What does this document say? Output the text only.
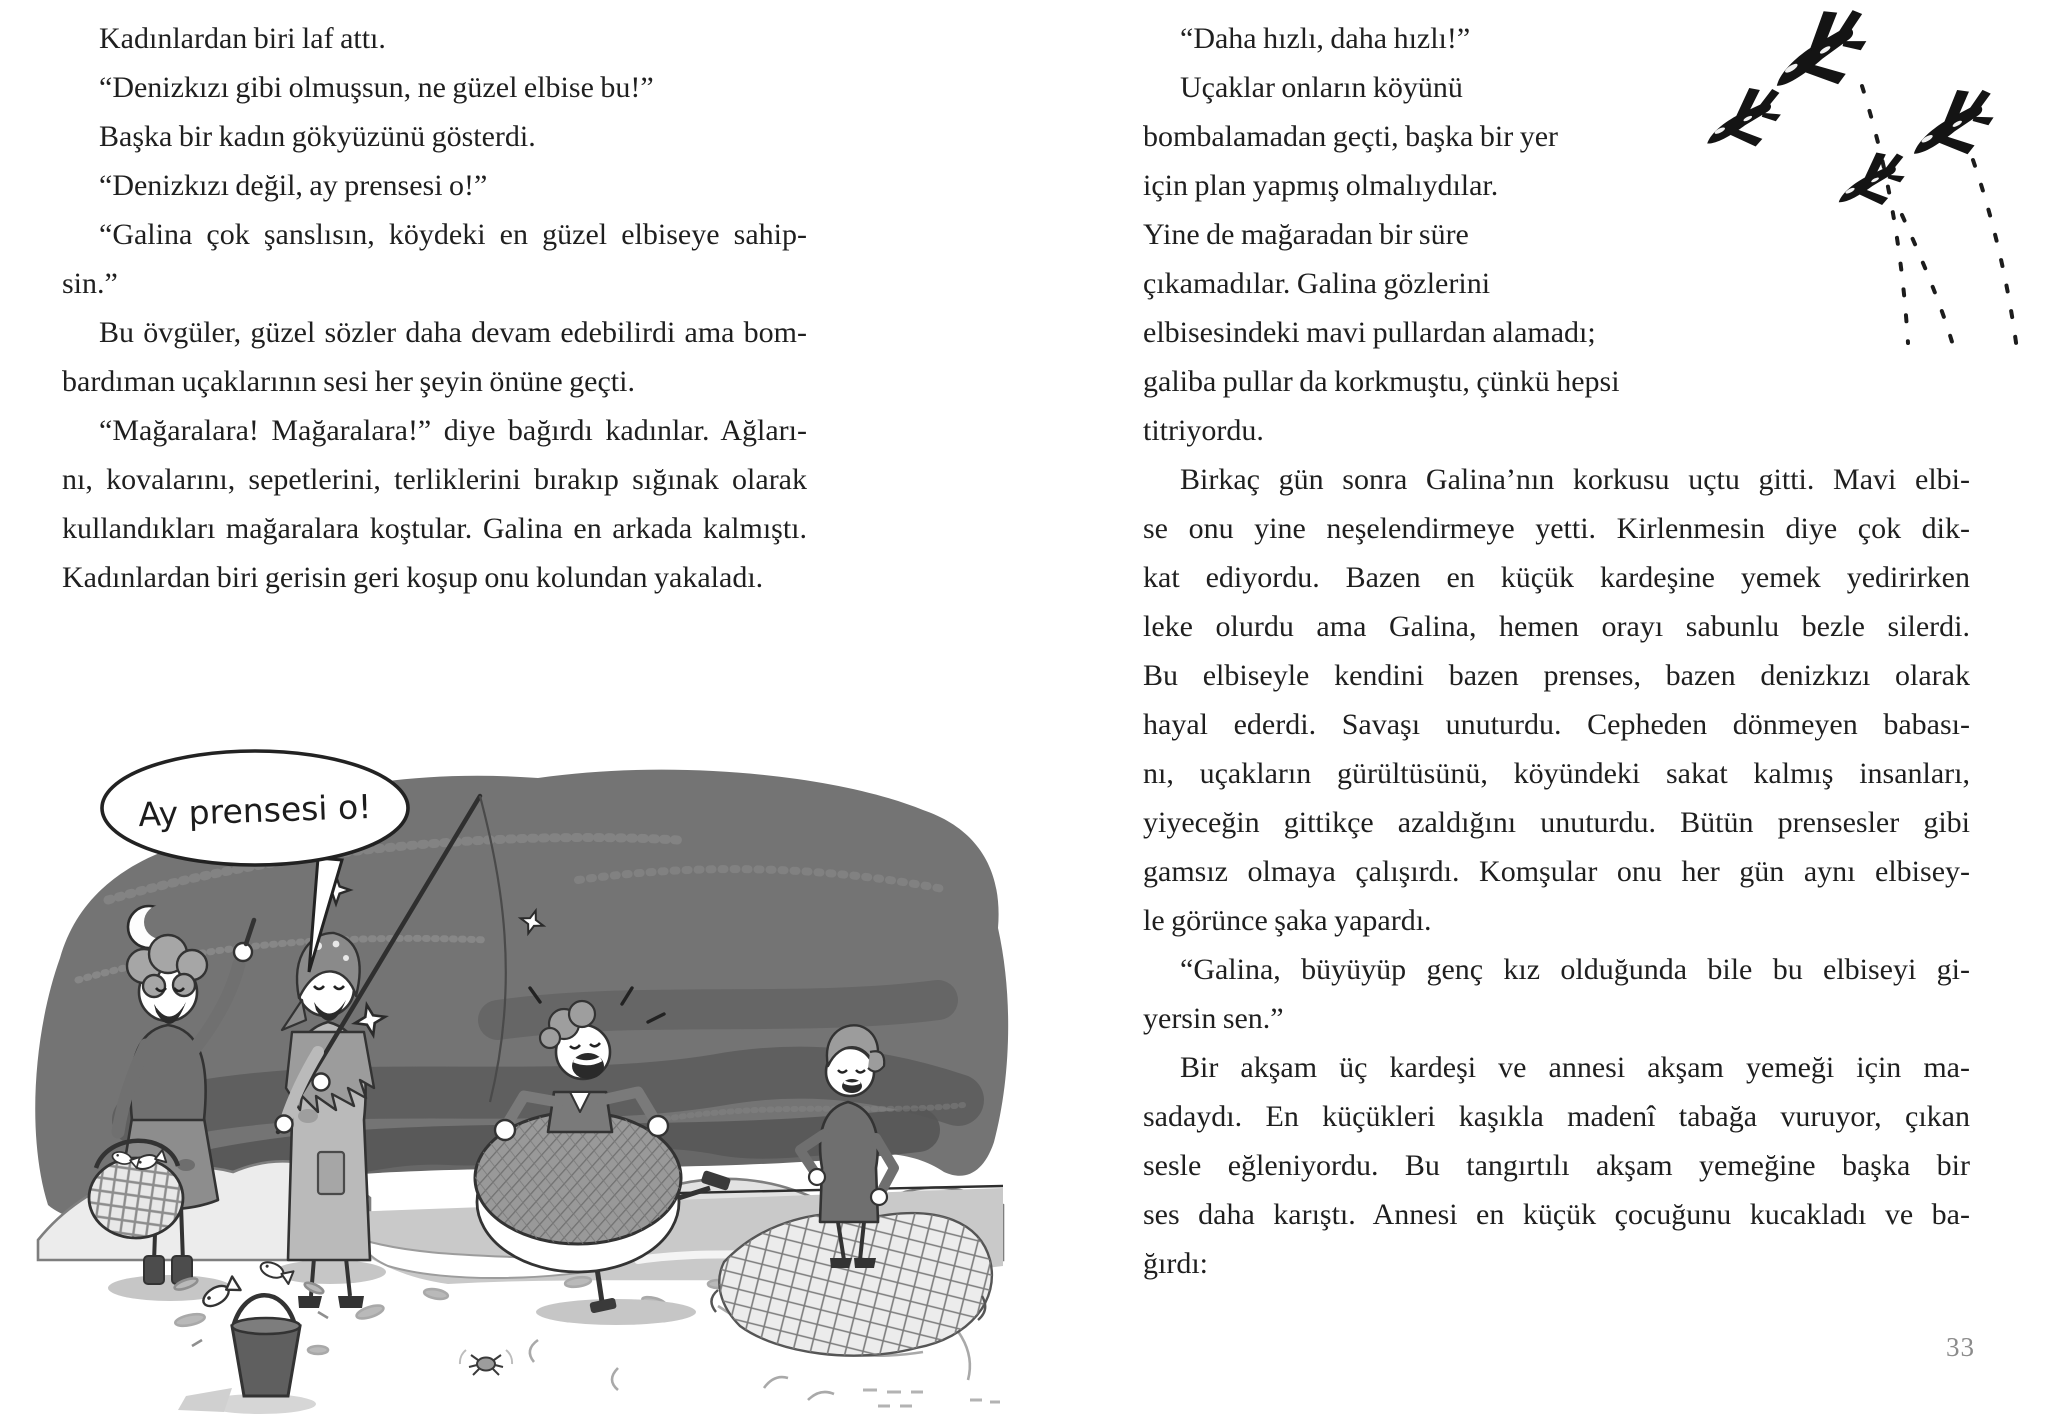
Kadınlardan biri laf attı.
“Denizkızı gibi olmuşsun, ne güzel elbise bu!”
Başka bir kadın gökyüzünü gösterdi.
“Denizkızı değil, ay prensesi o!”
“Galina çok şanslısın, köydeki en güzel elbiseye sahip-
sin.”
Bu övgüler, güzel sözler daha devam edebilirdi ama bom-
bardıman uçaklarının sesi her şeyin önüne geçti.
“Mağaralara! Mağaralara!” diye bağırdı kadınlar. Ağları-
nı, kovalarını, sepetlerini, terliklerini bırakıp sığınak olarak
kullandıkları mağaralara koştular. Galina en arkada kalmıştı.
Kadınlardan biri gerisin geri koşup onu kolundan yakaladı.
“Daha hızlı, daha hızlı!”
Uçaklar onların köyünü
bombalamadan geçti, başka bir yer
için plan yapmış olmalıydılar.
Yine de mağaradan bir süre
çıkamadılar. Galina gözlerini
elbisesindeki mavi pullardan alamadı;
galiba pullar da korkmuştu, çünkü hepsi
titriyordu.
Birkaç gün sonra Galina’nın korkusu uçtu gitti. Mavi elbi-
se onu yine neşelendirmeye yetti. Kirlenmesin diye çok dik-
kat ediyordu. Bazen en küçük kardeşine yemek yedirirken
leke olurdu ama Galina, hemen orayı sabunlu bezle silerdi.
Bu elbiseyle kendini bazen prenses, bazen denizkızı olarak
hayal ederdi. Savaşı unuturdu. Cepheden dönmeyen babası-
nı, uçakların gürültüsünü, köyündeki sakat kalmış insanları,
yiyeceğin gittikçe azaldığını unuturdu. Bütün prensesler gibi
gamsız olmaya çalışırdı. Komşular onu her gün aynı elbisey-
le görünce şaka yapardı.
“Galina, büyüyüp genç kız olduğunda bile bu elbiseyi gi-
yersin sen.”
Bir akşam üç kardeşi ve annesi akşam yemeği için ma-
sadaydı. En küçükleri kaşıkla madenî tabağa vuruyor, çıkan
sesle eğleniyordu. Bu tangırtılı akşam yemeğine başka bir
ses daha karıştı. Annesi en küçük çocuğunu kucakladı ve ba-
ğırdı:
33
Ay prensesi o!
